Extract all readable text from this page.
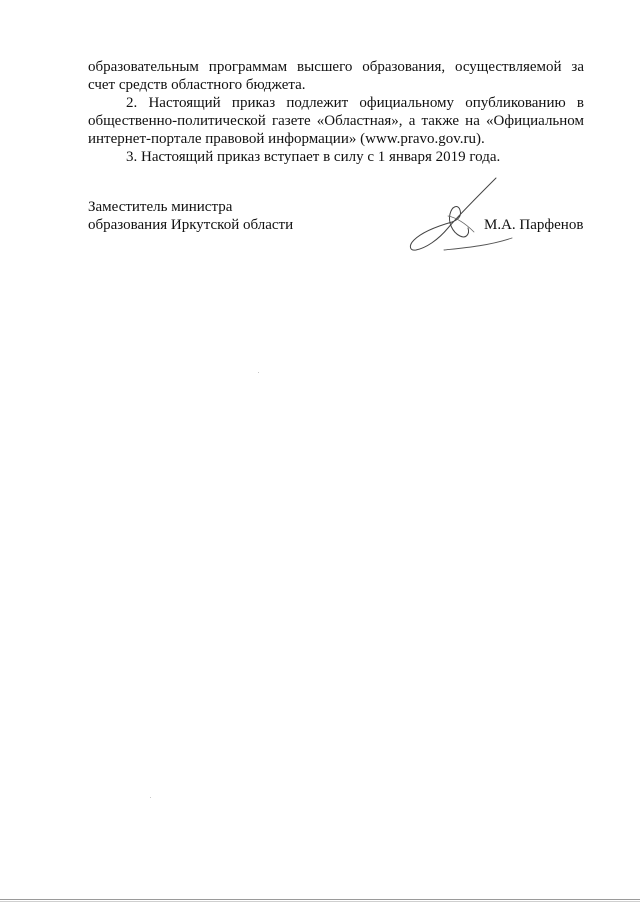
образовательным программам высшего образования, осуществляемой за счет средств областного бюджета.

2. Настоящий приказ подлежит официальному опубликованию в общественно-политической газете «Областная», а также на «Официальном интернет-портале правовой информации» (www.pravo.gov.ru).

3. Настоящий приказ вступает в силу с 1 января 2019 года.

Заместитель министра
образования Иркутской области	М.А. Парфенов
